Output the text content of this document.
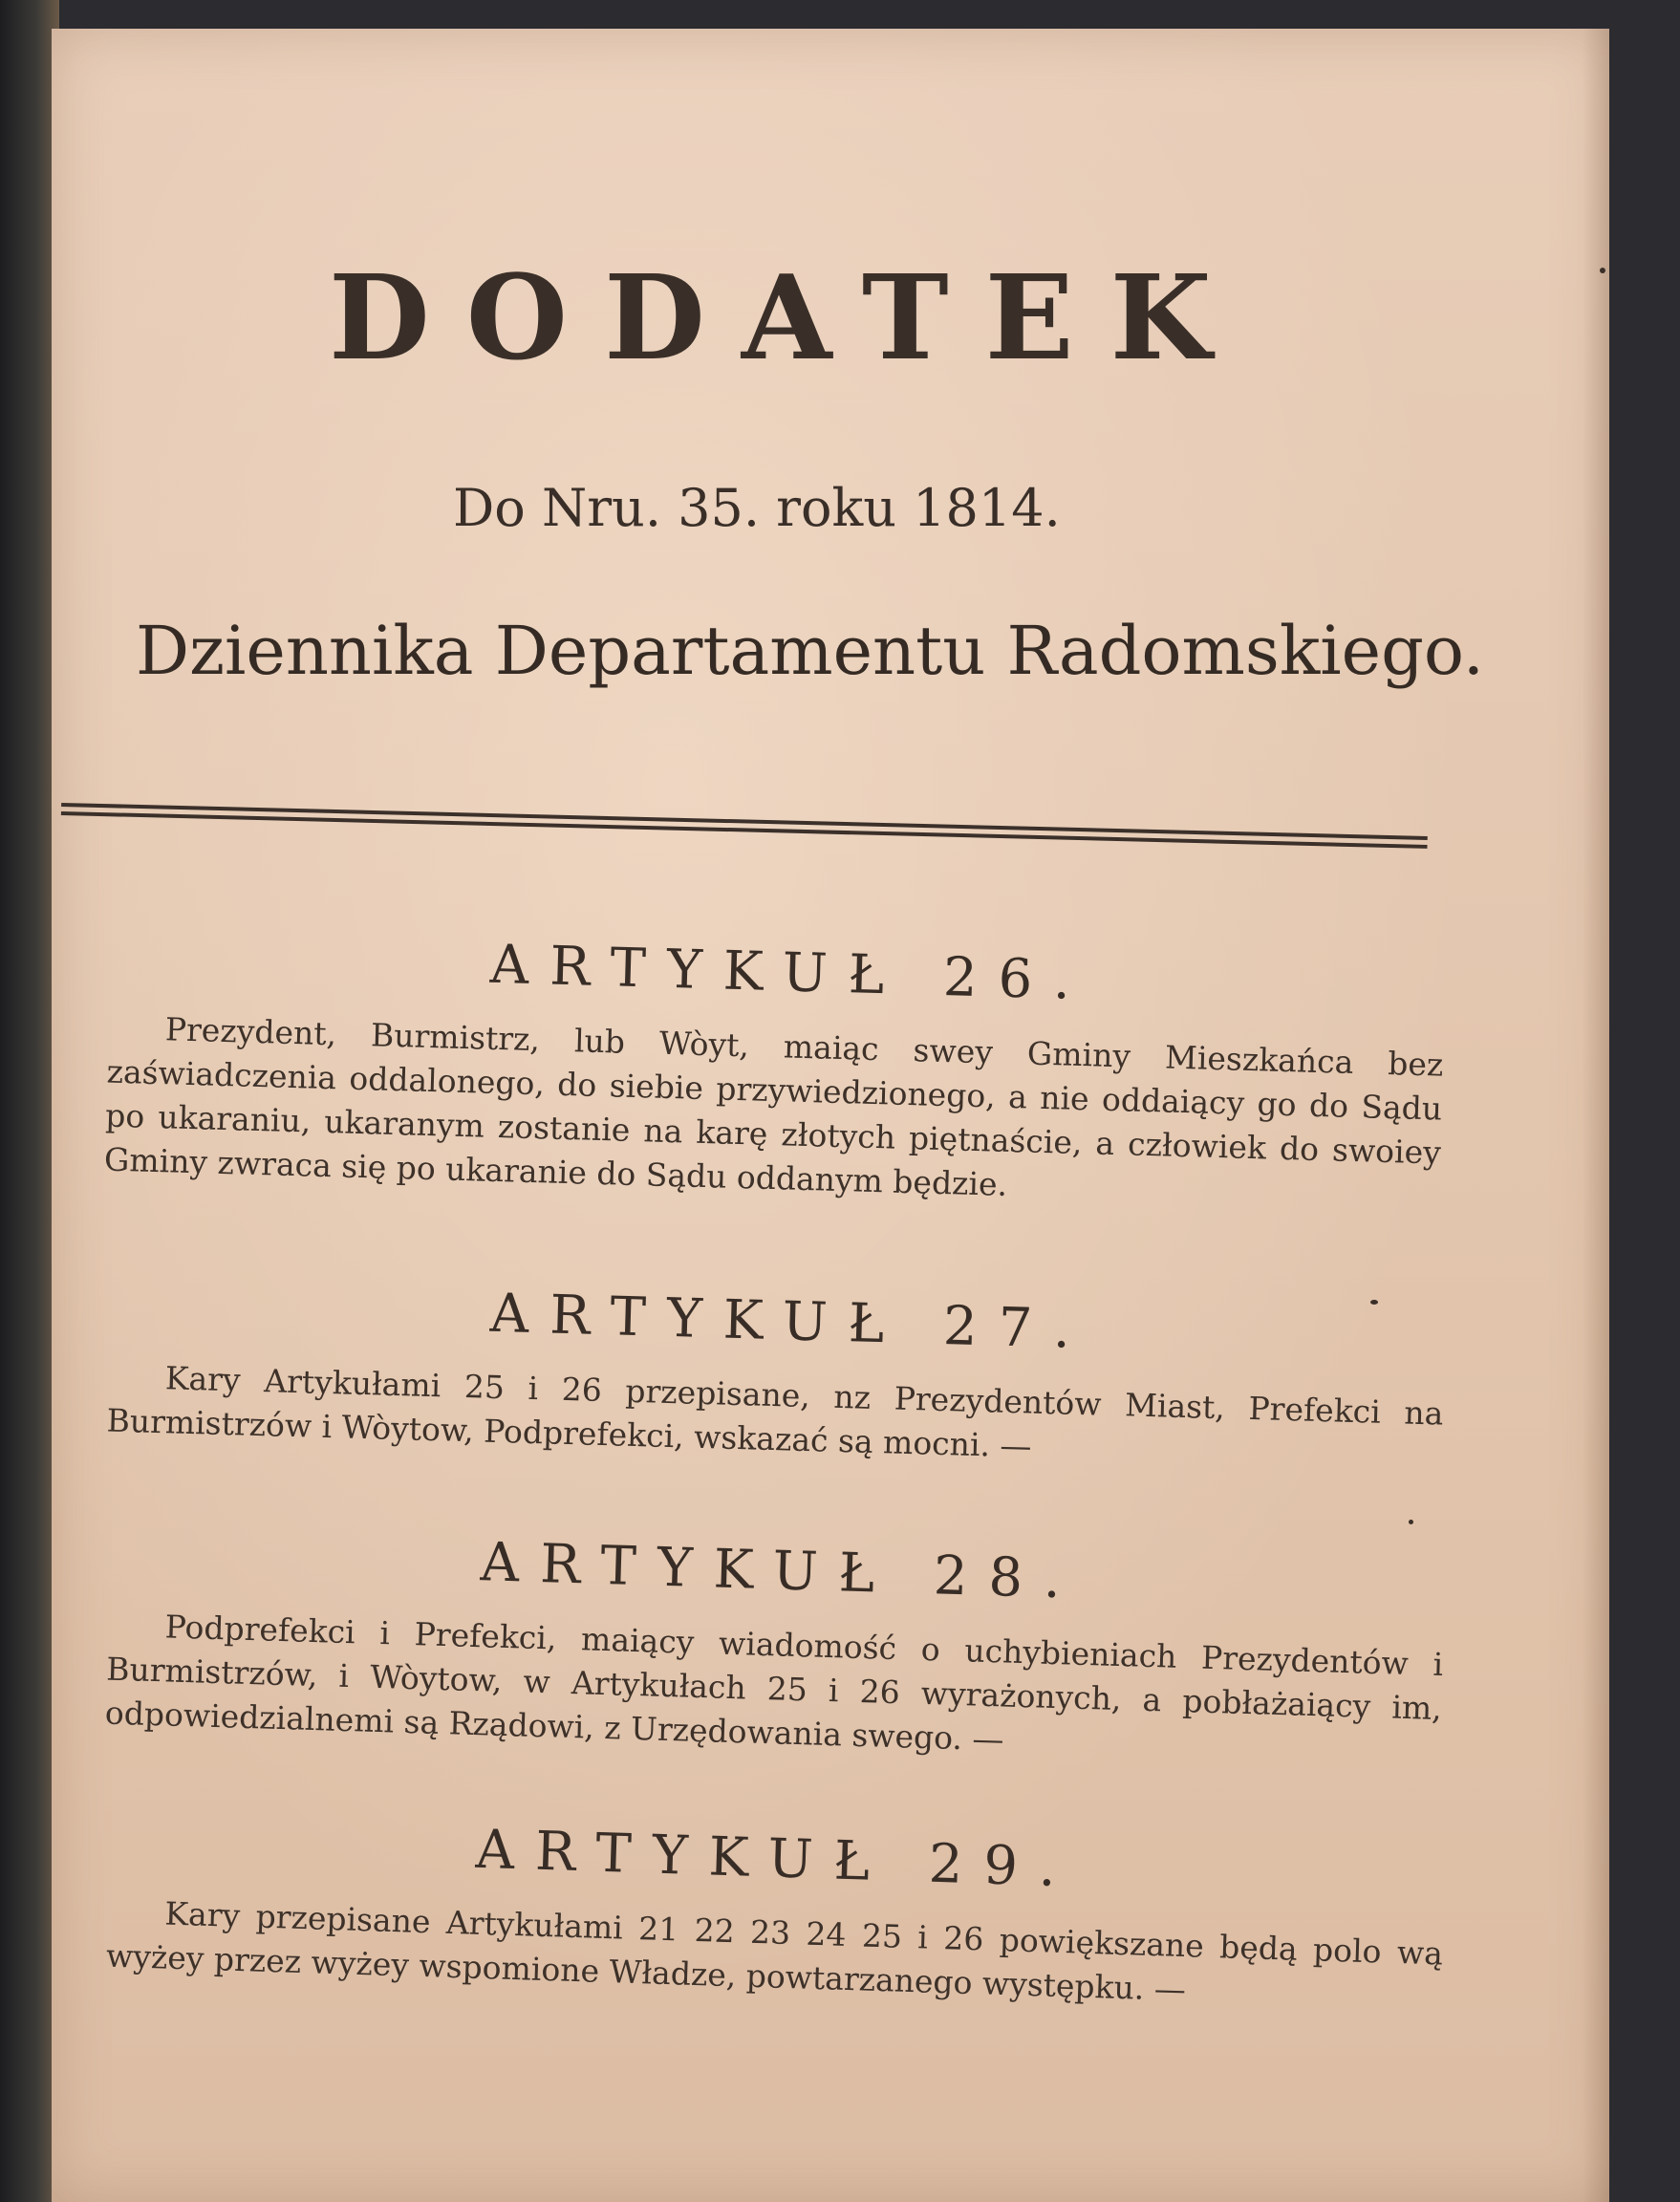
DODATEK
Do Nru. 35. roku 1814.
Dziennika Departamentu Radomskiego.
ARTYKUŁ 26.
Prezydent, Burmistrz, lub Wòyt, maiąc swey Gminy Mieszkańca bez zaświadczenia oddalonego, do siebie przywiedzionego, a nie oddaiący go do Sądu po ukaraniu, ukaranym zostanie na karę złotych piętnaście, a człowiek do swoiey Gminy zwraca się po ukaranie do Sądu oddanym będzie.
ARTYKUŁ 27.
Kary Artykułami 25 i 26 przepisane, nz Prezydentów Miast, Prefekci na Burmistrzów i Wòytow, Podprefekci, wskazać są mocni. —
ARTYKUŁ 28.
Podprefekci i Prefekci, maiący wiadomość o uchybieniach Prezydentów i Burmistrzów, i Wòytow, w Artykułach 25 i 26 wyrażonych, a pobłażaiący im, odpowiedzialnemi są Rządowi, z Urzędowania swego. —
ARTYKUŁ 29.
Kary przepisane Artykułami 21 22 23 24 25 i 26 powiększane będą polo wą wyżey przez wyżey wspomione Władze, powtarzanego występku. —
